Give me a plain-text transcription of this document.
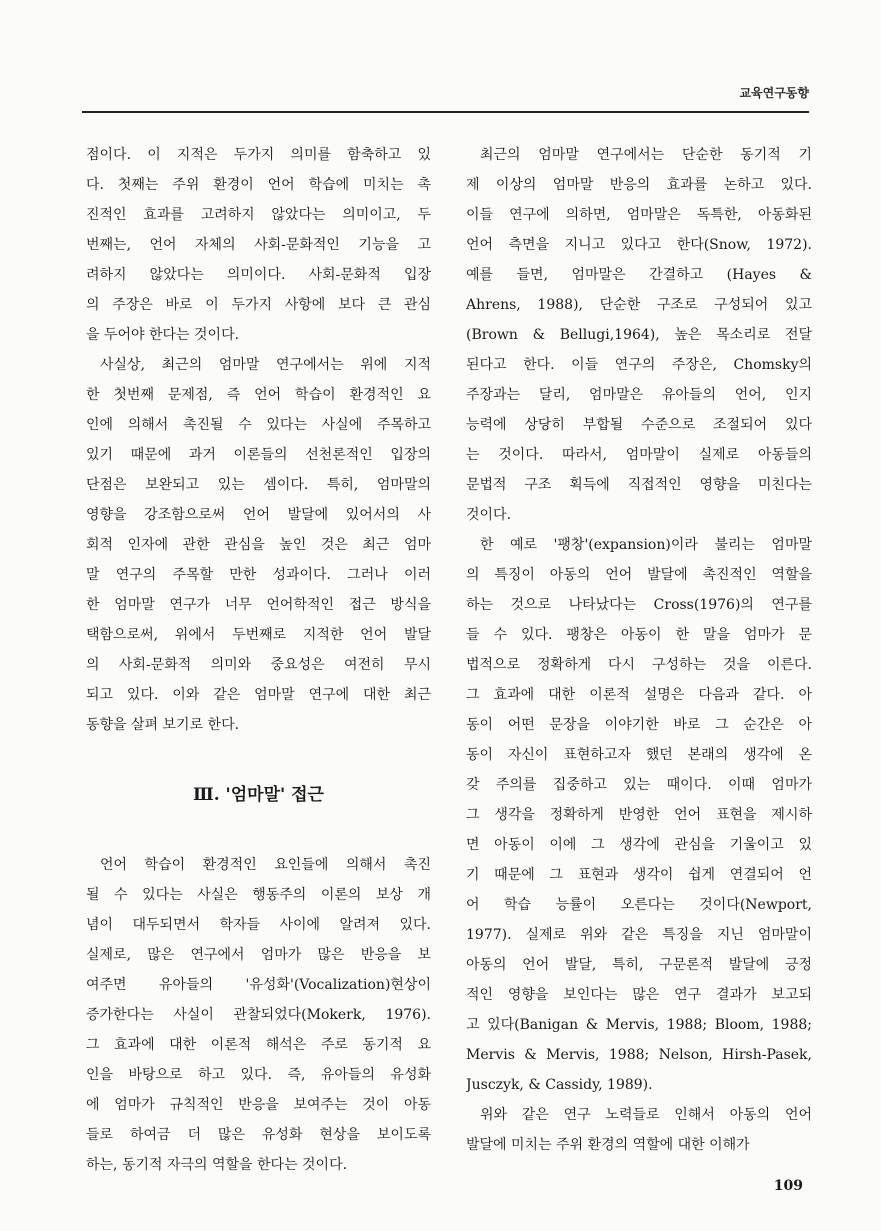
교육연구동향
점이다. 이 지적은 두가지 의미를 함축하고 있
다. 첫째는 주위 환경이 언어 학습에 미치는 촉
진적인 효과를 고려하지 않았다는 의미이고, 두
번째는, 언어 자체의 사회-문화적인 기능을 고
려하지 않았다는 의미이다. 사회-문화적 입장
의 주장은 바로 이 두가지 사항에 보다 큰 관심
을 두어야 한다는 것이다.
사실상, 최근의 엄마말 연구에서는 위에 지적
한 첫번째 문제점, 즉 언어 학습이 환경적인 요
인에 의해서 촉진될 수 있다는 사실에 주목하고
있기 때문에 과거 이론들의 선천론적인 입장의
단점은 보완되고 있는 셈이다. 특히, 엄마말의
영향을 강조함으로써 언어 발달에 있어서의 사
회적 인자에 관한 관심을 높인 것은 최근 엄마
말 연구의 주목할 만한 성과이다. 그러나 이러
한 엄마말 연구가 너무 언어학적인 접근 방식을
택함으로써, 위에서 두번째로 지적한 언어 발달
의 사회-문화적 의미와 중요성은 여전히 무시
되고 있다. 이와 같은 엄마말 연구에 대한 최근
동향을 살펴 보기로 한다.
Ⅲ. '엄마말' 접근
언어 학습이 환경적인 요인들에 의해서 촉진
될 수 있다는 사실은 행동주의 이론의 보상 개
념이 대두되면서 학자들 사이에 알려져 있다.
실제로, 많은 연구에서 엄마가 많은 반응을 보
여주면 유아들의 '유성화'(Vocalization)현상이
증가한다는 사실이 관찰되었다(Mokerk, 1976).
그 효과에 대한 이론적 해석은 주로 동기적 요
인을 바탕으로 하고 있다. 즉, 유아들의 유성화
에 엄마가 규칙적인 반응을 보여주는 것이 아동
들로 하여금 더 많은 유성화 현상을 보이도록
하는, 동기적 자극의 역할을 한다는 것이다.
최근의 엄마말 연구에서는 단순한 동기적 기
제 이상의 엄마말 반응의 효과를 논하고 있다.
이들 연구에 의하면, 엄마말은 독특한, 아동화된
언어 측면을 지니고 있다고 한다(Snow, 1972).
예를 들면, 엄마말은 간결하고 (Hayes &
Ahrens, 1988), 단순한 구조로 구성되어 있고
(Brown & Bellugi,1964), 높은 목소리로 전달
된다고 한다. 이들 연구의 주장은, Chomsky의
주장과는 달리, 엄마말은 유아들의 언어, 인지
능력에 상당히 부합될 수준으로 조절되어 있다
는 것이다. 따라서, 엄마말이 실제로 아동들의
문법적 구조 획득에 직접적인 영향을 미친다는
것이다.
한 예로 '팽창'(expansion)이라 불리는 엄마말
의 특징이 아동의 언어 발달에 촉진적인 역할을
하는 것으로 나타났다는 Cross(1976)의 연구를
들 수 있다. 팽창은 아동이 한 말을 엄마가 문
법적으로 정확하게 다시 구성하는 것을 이른다.
그 효과에 대한 이론적 설명은 다음과 같다. 아
동이 어떤 문장을 이야기한 바로 그 순간은 아
동이 자신이 표현하고자 했던 본래의 생각에 온
갖 주의를 집중하고 있는 때이다. 이때 엄마가
그 생각을 정확하게 반영한 언어 표현을 제시하
면 아동이 이에 그 생각에 관심을 기울이고 있
기 때문에 그 표현과 생각이 쉽게 연결되어 언
어 학습 능률이 오른다는 것이다(Newport,
1977). 실제로 위와 같은 특징을 지닌 엄마말이
아동의 언어 발달, 특히, 구문론적 발달에 긍정
적인 영향을 보인다는 많은 연구 결과가 보고되
고 있다(Banigan & Mervis, 1988; Bloom, 1988;
Mervis & Mervis, 1988; Nelson, Hirsh-Pasek,
Jusczyk, & Cassidy, 1989).
위와 같은 연구 노력들로 인해서 아동의 언어
발달에 미치는 주위 환경의 역할에 대한 이해가
109
